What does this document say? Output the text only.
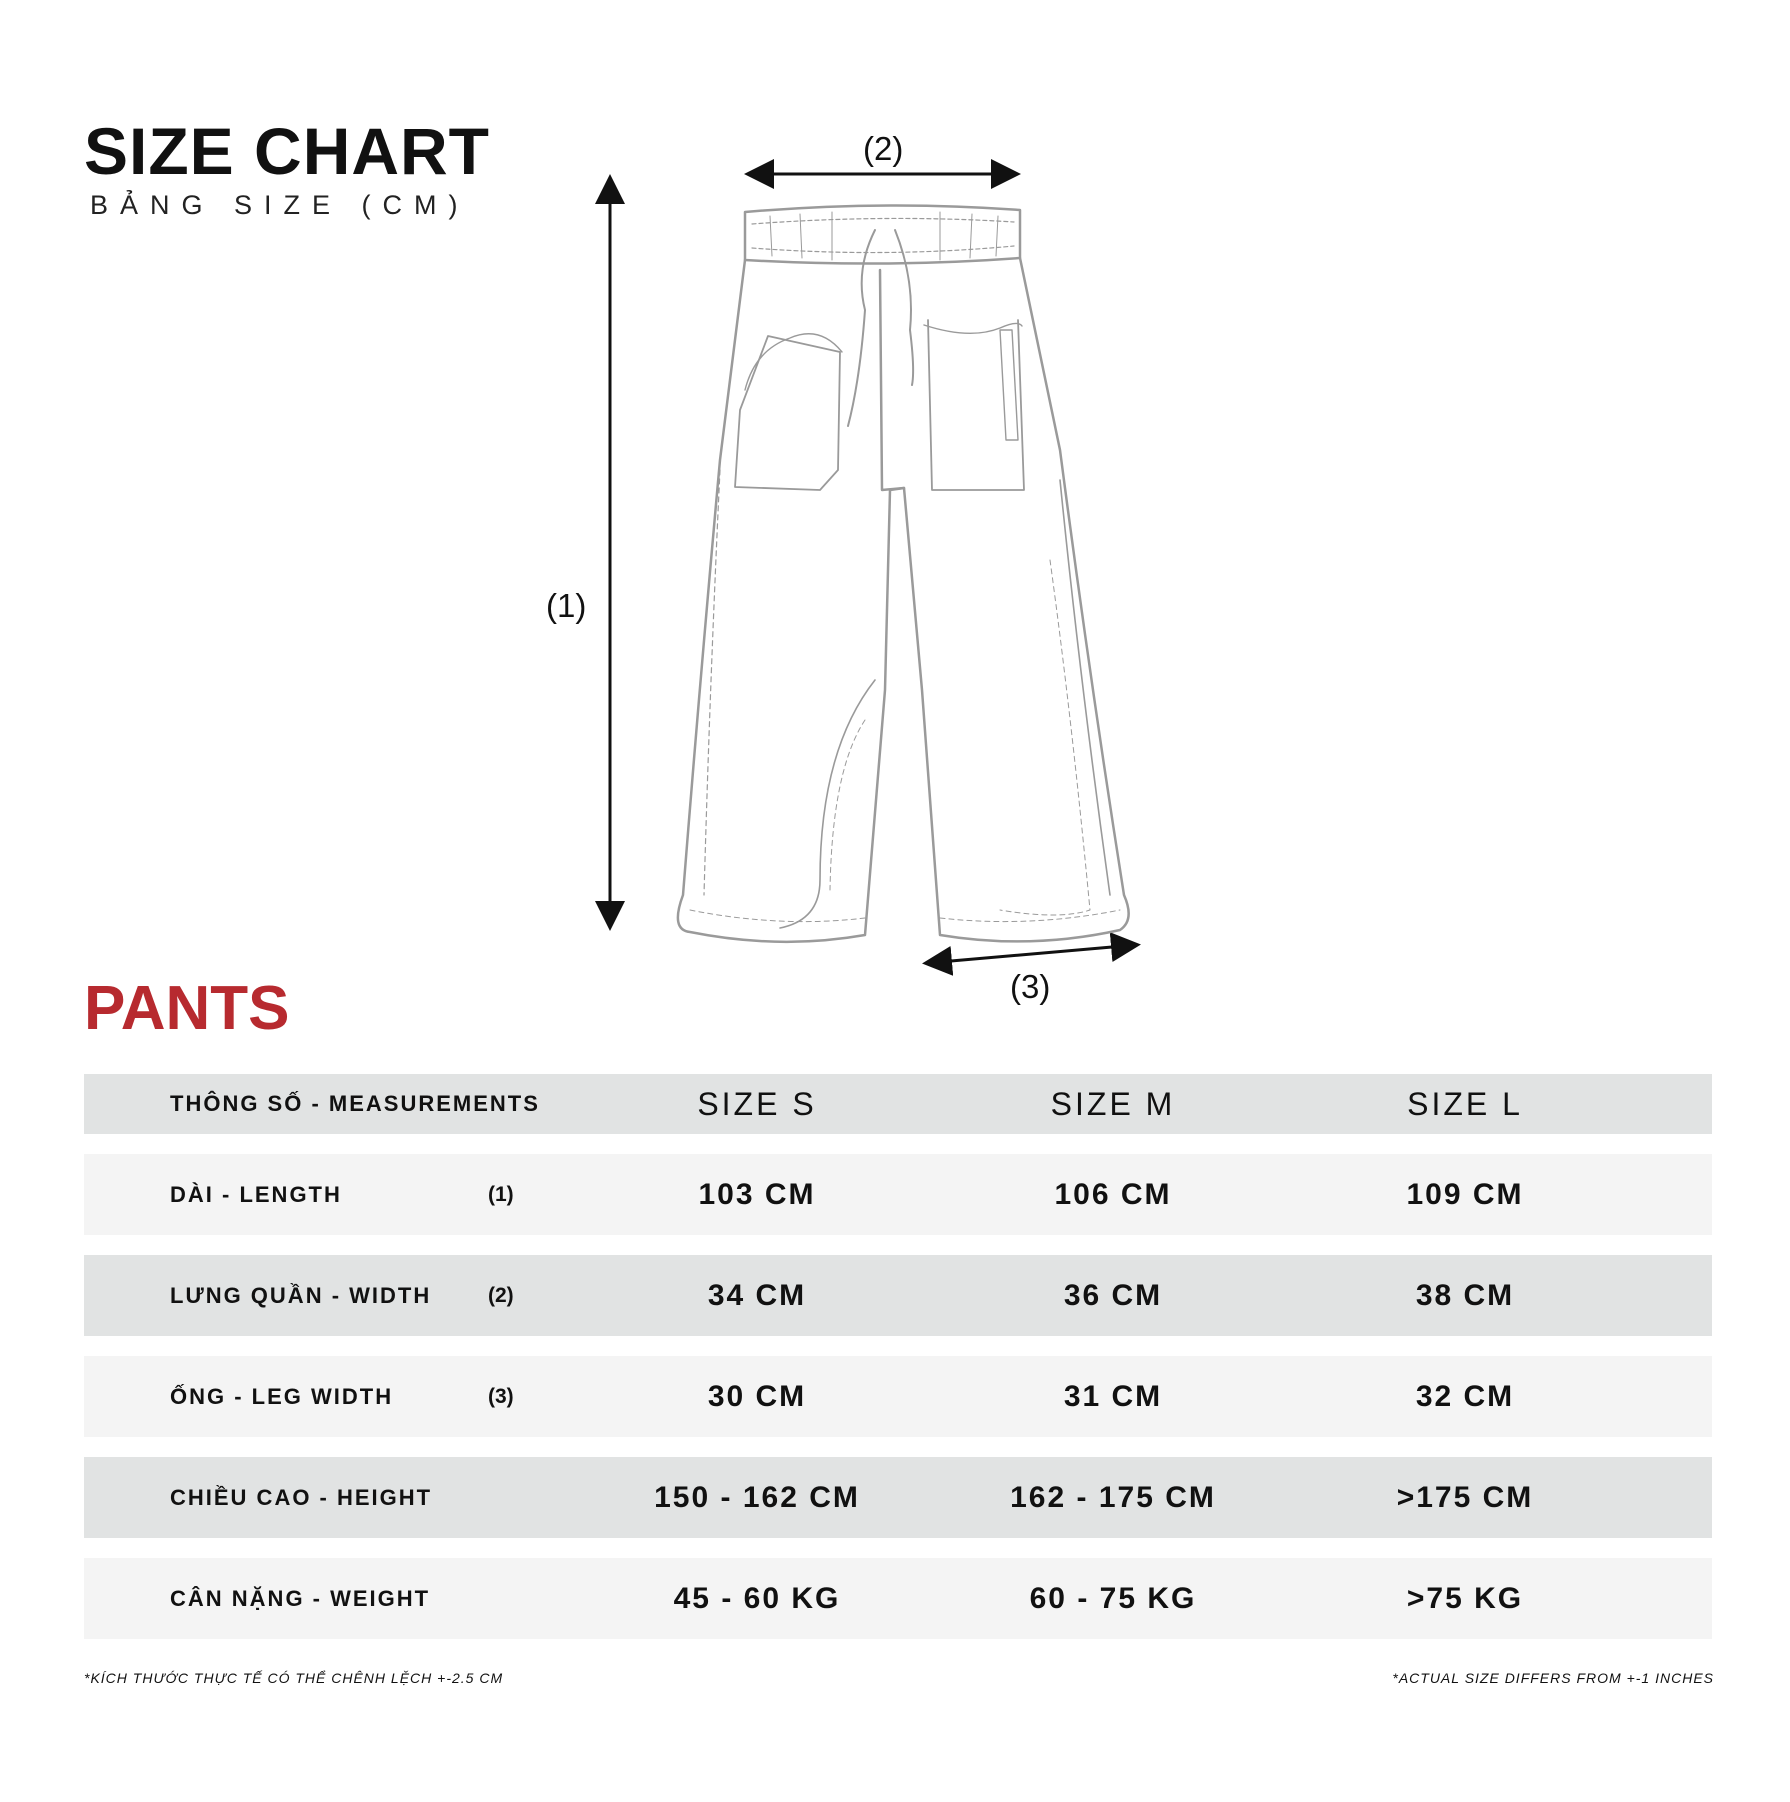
SIZE CHART
BẢNG SIZE (CM)
(1)
(2)
(3)
PANTS
THÔNG SỐ - MEASUREMENTS	SIZE S	SIZE M	SIZE L
DÀI - LENGTH	(1)	103 CM	106 CM	109 CM
LƯNG QUẦN - WIDTH	(2)	34 CM	36 CM	38 CM
ỐNG - LEG WIDTH	(3)	30 CM	31 CM	32 CM
CHIỀU CAO - HEIGHT	150 - 162 CM	162 - 175 CM	>175 CM
CÂN NẶNG - WEIGHT	45 - 60 KG	60 - 75 KG	>75 KG
*KÍCH THƯỚC THỰC TẾ CÓ THỂ CHÊNH LỆCH +-2.5 CM	*ACTUAL SIZE DIFFERS FROM +-1 INCHES
